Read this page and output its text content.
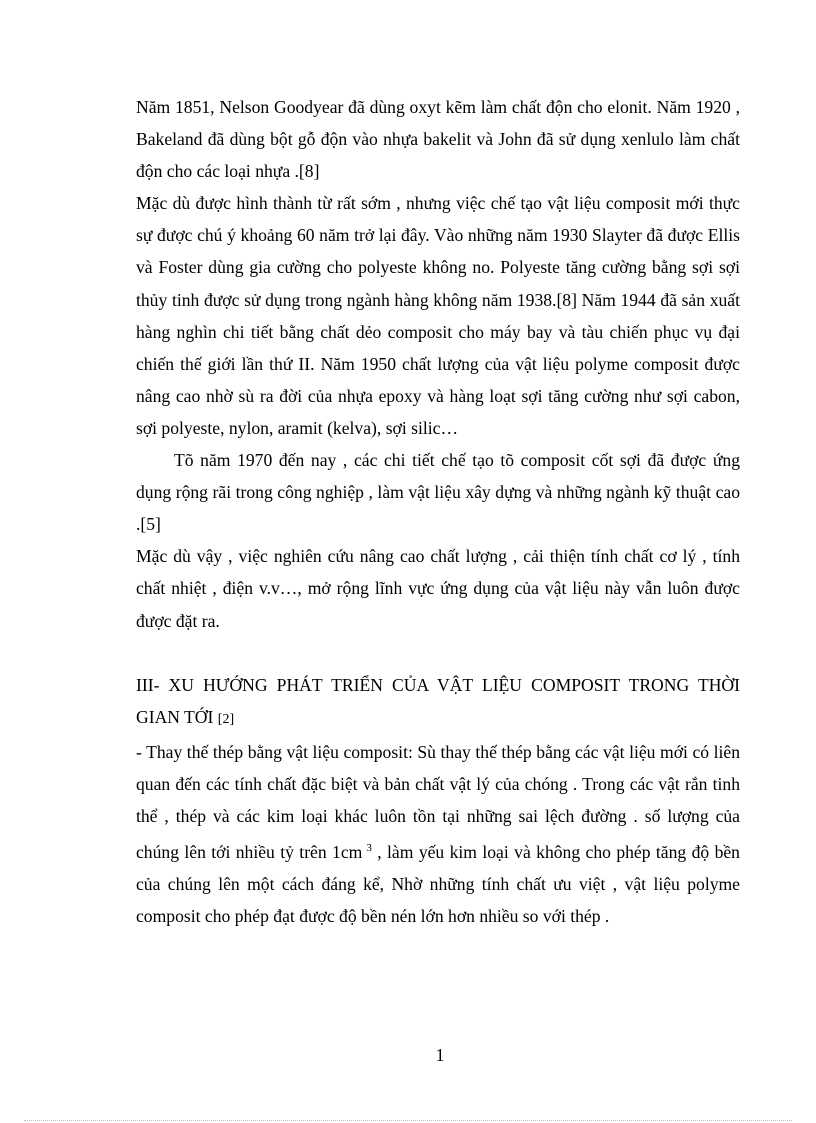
Năm 1851, Nelson Goodyear đã dùng oxyt kẽm làm chất độn cho elonit. Năm 1920 , Bakeland đã dùng bột gỗ độn vào nhựa bakelit và John đã sử dụng xenlulo làm chất độn cho các loại nhựa .[8]

Mặc dù được hình thành từ rất sớm , nhưng việc chế tạo vật liệu composit mới thực sự được chú ý khoảng 60 năm trở lại đây. Vào những năm 1930 Slayter đã được Ellis và Foster dùng gia cường cho polyeste không no. Polyeste tăng cường bằng sợi sợi thủy tinh được sử dụng trong ngành hàng không năm 1938.[8] Năm 1944 đã sản xuất hàng nghìn chi tiết bằng chất dẻo composit cho máy bay và tàu chiến phục vụ đại chiến thế giới lần thứ II. Năm 1950 chất lượng của vật liệu polyme composit được nâng cao nhờ sù ra đời của nhựa epoxy và hàng loạt sợi tăng cường như sợi cabon, sợi polyeste, nylon, aramit (kelva), sợi silic…

Tõ năm 1970 đến nay , các chi tiết chế tạo tõ composit cốt sợi đã được ứng dụng rộng rãi trong công nghiệp , làm vật liệu xây dựng và những ngành kỹ thuật cao .[5]

Mặc dù vậy , việc nghiên cứu nâng cao chất lượng , cải thiện tính chất cơ lý , tính chất nhiệt , điện v.v…, mở rộng lĩnh vực ứng dụng của vật liệu này vẫn luôn được được đặt ra.

III- XU HƯỚNG PHÁT TRIỂN CỦA VẬT LIỆU COMPOSIT TRONG THỜI GIAN TỚI [2]

- Thay thế thép bằng vật liệu composit: Sù thay thế thép bằng các vật liệu mới có liên quan đến các tính chất đặc biệt và bản chất vật lý của chóng . Trong các vật rắn tinh thể , thép và các kim loại khác luôn tồn tại những sai lệch đường . số lượng của chúng lên tới nhiều tỷ trên 1cm $^3$ , làm yếu kim loại và không cho phép tăng độ bền của chúng lên một cách đáng kể, Nhờ những tính chất ưu việt , vật liệu polyme composit cho phép đạt được độ bền nén lớn hơn nhiều so với thép .

1
